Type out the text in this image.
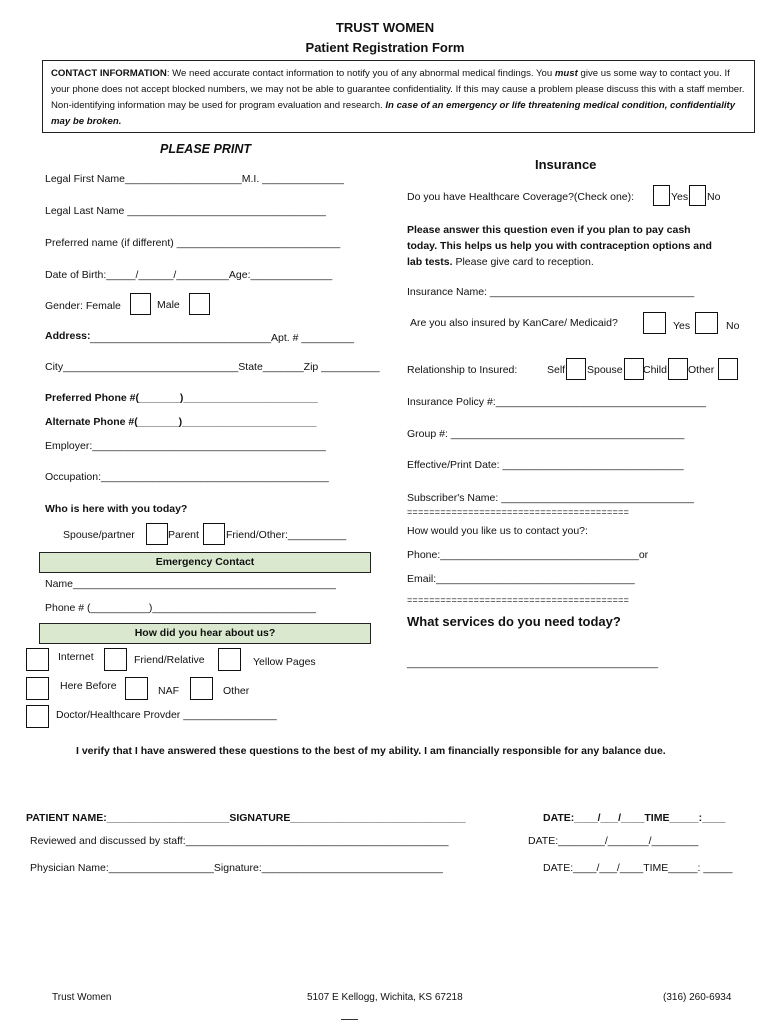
TRUST WOMEN
Patient Registration Form
CONTACT INFORMATION: We need accurate contact information to notify you of any abnormal medical findings. You must give us some way to contact you. If your phone does not accept blocked numbers, we may not be able to guarantee confidentiality. If this may cause a problem please discuss this with a staff member. Non-identifying information may be used for program evaluation and research. In case of an emergency or life threatening medical condition, confidentiality may be broken.
PLEASE PRINT
Legal First Name____________________M.I. ______________
Legal Last Name __________________________________
Preferred name (if different) ____________________________
Date of Birth:_____/______/_________Age:______________
Gender: Female	Male
Address: _______________________________Apt. # _________
City______________________________State_______Zip __________
Preferred Phone #(_______)_______________________
Alternate Phone #(_______)_______________________
Employer:________________________________________
Occupation:_______________________________________
Who is here with you today?
Spouse/partner	Parent	Friend/Other:__________
Emergency Contact
Name_____________________________________________
Phone # (__________)____________________________
How did you hear about us?
Internet	Friend/Relative	Yellow Pages
Here Before	NAF	Other
Doctor/Healthcare Provder ________________
Insurance
Do you have Healthcare Coverage?(Check one):	Yes No
Please answer this question even if you plan to pay cash today. This helps us help you with contraception options and lab tests. Please give card to reception.
Insurance Name: ___________________________________
Are you also insured by KanCare/ Medicaid?	Yes	No
Relationship to Insured:	Self Spouse Child Other
Insurance Policy #:____________________________________
Group #: ________________________________________
Effective/Print Date: _______________________________
Subscriber's Name: _________________________________
========================================
How would you like us to contact you?:
Phone:__________________________________or
Email:__________________________________
========================================
What services do you need today?
___________________________________________
I verify that I have answered these questions to the best of my ability. I am financially responsible for any balance due.
PATIENT NAME:_____________________SIGNATURE______________________________	DATE:____/___/____TIME_____:____
Reviewed and discussed by staff:_____________________________________________	DATE:________/_______/________
Physician Name:__________________Signature:_______________________________	DATE:____/___/____TIME_____: _____
Trust Women	5107 E Kellogg, Wichita, KS 67218	(316) 260-6934
